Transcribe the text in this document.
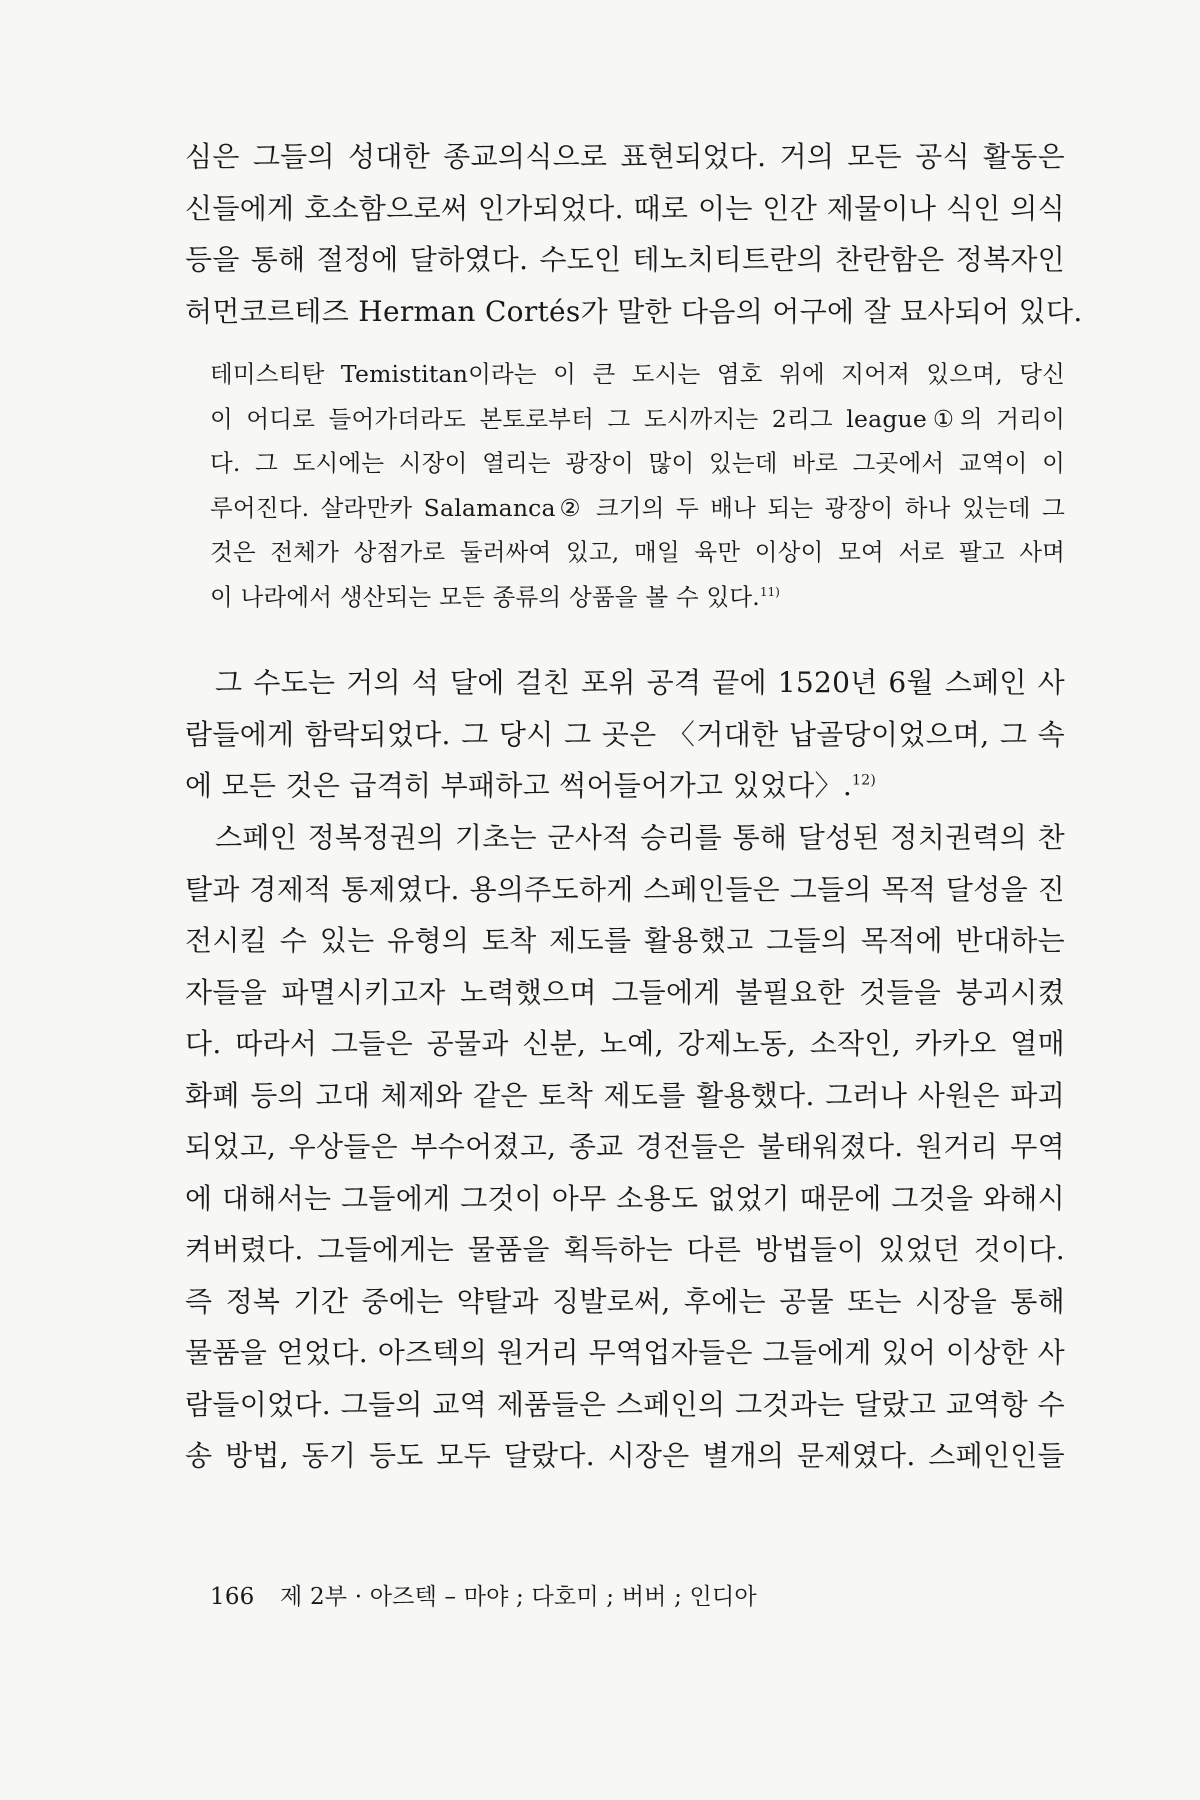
심은 그들의 성대한 종교의식으로 표현되었다. 거의 모든 공식 활동은
신들에게 호소함으로써 인가되었다. 때로 이는 인간 제물이나 식인 의식
등을 통해 절정에 달하였다. 수도인 테노치티트란의 찬란함은 정복자인
허먼코르테즈 Herman Cortés가 말한 다음의 어구에 잘 묘사되어 있다.
테미스티탄 Temistitan이라는 이 큰 도시는 염호 위에 지어져 있으며, 당신
이 어디로 들어가더라도 본토로부터 그 도시까지는 2리그 league①의 거리이
다. 그 도시에는 시장이 열리는 광장이 많이 있는데 바로 그곳에서 교역이 이
루어진다. 살라만카 Salamanca② 크기의 두 배나 되는 광장이 하나 있는데 그
것은 전체가 상점가로 둘러싸여 있고, 매일 육만 이상이 모여 서로 팔고 사며
이 나라에서 생산되는 모든 종류의 상품을 볼 수 있다.$^{11)}$
그 수도는 거의 석 달에 걸친 포위 공격 끝에 1520년 6월 스페인 사
람들에게 함락되었다. 그 당시 그 곳은 〈거대한 납골당이었으며, 그 속
에 모든 것은 급격히 부패하고 썩어들어가고 있었다〉.$^{12)}$
스페인 정복정권의 기초는 군사적 승리를 통해 달성된 정치권력의 찬
탈과 경제적 통제였다. 용의주도하게 스페인들은 그들의 목적 달성을 진
전시킬 수 있는 유형의 토착 제도를 활용했고 그들의 목적에 반대하는
자들을 파멸시키고자 노력했으며 그들에게 불필요한 것들을 붕괴시켰
다. 따라서 그들은 공물과 신분, 노예, 강제노동, 소작인, 카카오 열매
화폐 등의 고대 체제와 같은 토착 제도를 활용했다. 그러나 사원은 파괴
되었고, 우상들은 부수어졌고, 종교 경전들은 불태워졌다. 원거리 무역
에 대해서는 그들에게 그것이 아무 소용도 없었기 때문에 그것을 와해시
켜버렸다. 그들에게는 물품을 획득하는 다른 방법들이 있었던 것이다.
즉 정복 기간 중에는 약탈과 징발로써, 후에는 공물 또는 시장을 통해
물품을 얻었다. 아즈텍의 원거리 무역업자들은 그들에게 있어 이상한 사
람들이었다. 그들의 교역 제품들은 스페인의 그것과는 달랐고 교역항 수
송 방법, 동기 등도 모두 달랐다. 시장은 별개의 문제였다. 스페인인들
166 제 2부 · 아즈텍 – 마야 ; 다호미 ; 버버 ; 인디아
